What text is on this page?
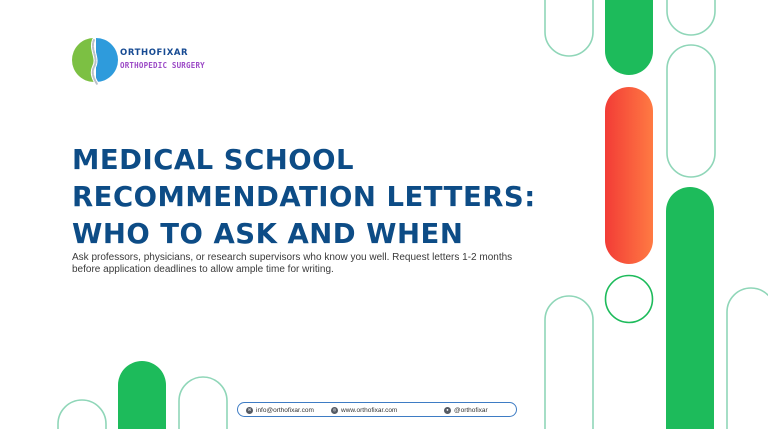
ORTHOFIXAR
ORTHOPEDIC SURGERY
MEDICAL SCHOOL
RECOMMENDATION LETTERS:
WHO TO ASK AND WHEN

Ask professors, physicians, or research supervisors who know you well. Request letters 1-2 months before application deadlines to allow ample time for writing.

✉ info@orthofixar.com	◎ www.orthofixar.com	● @orthofixar
